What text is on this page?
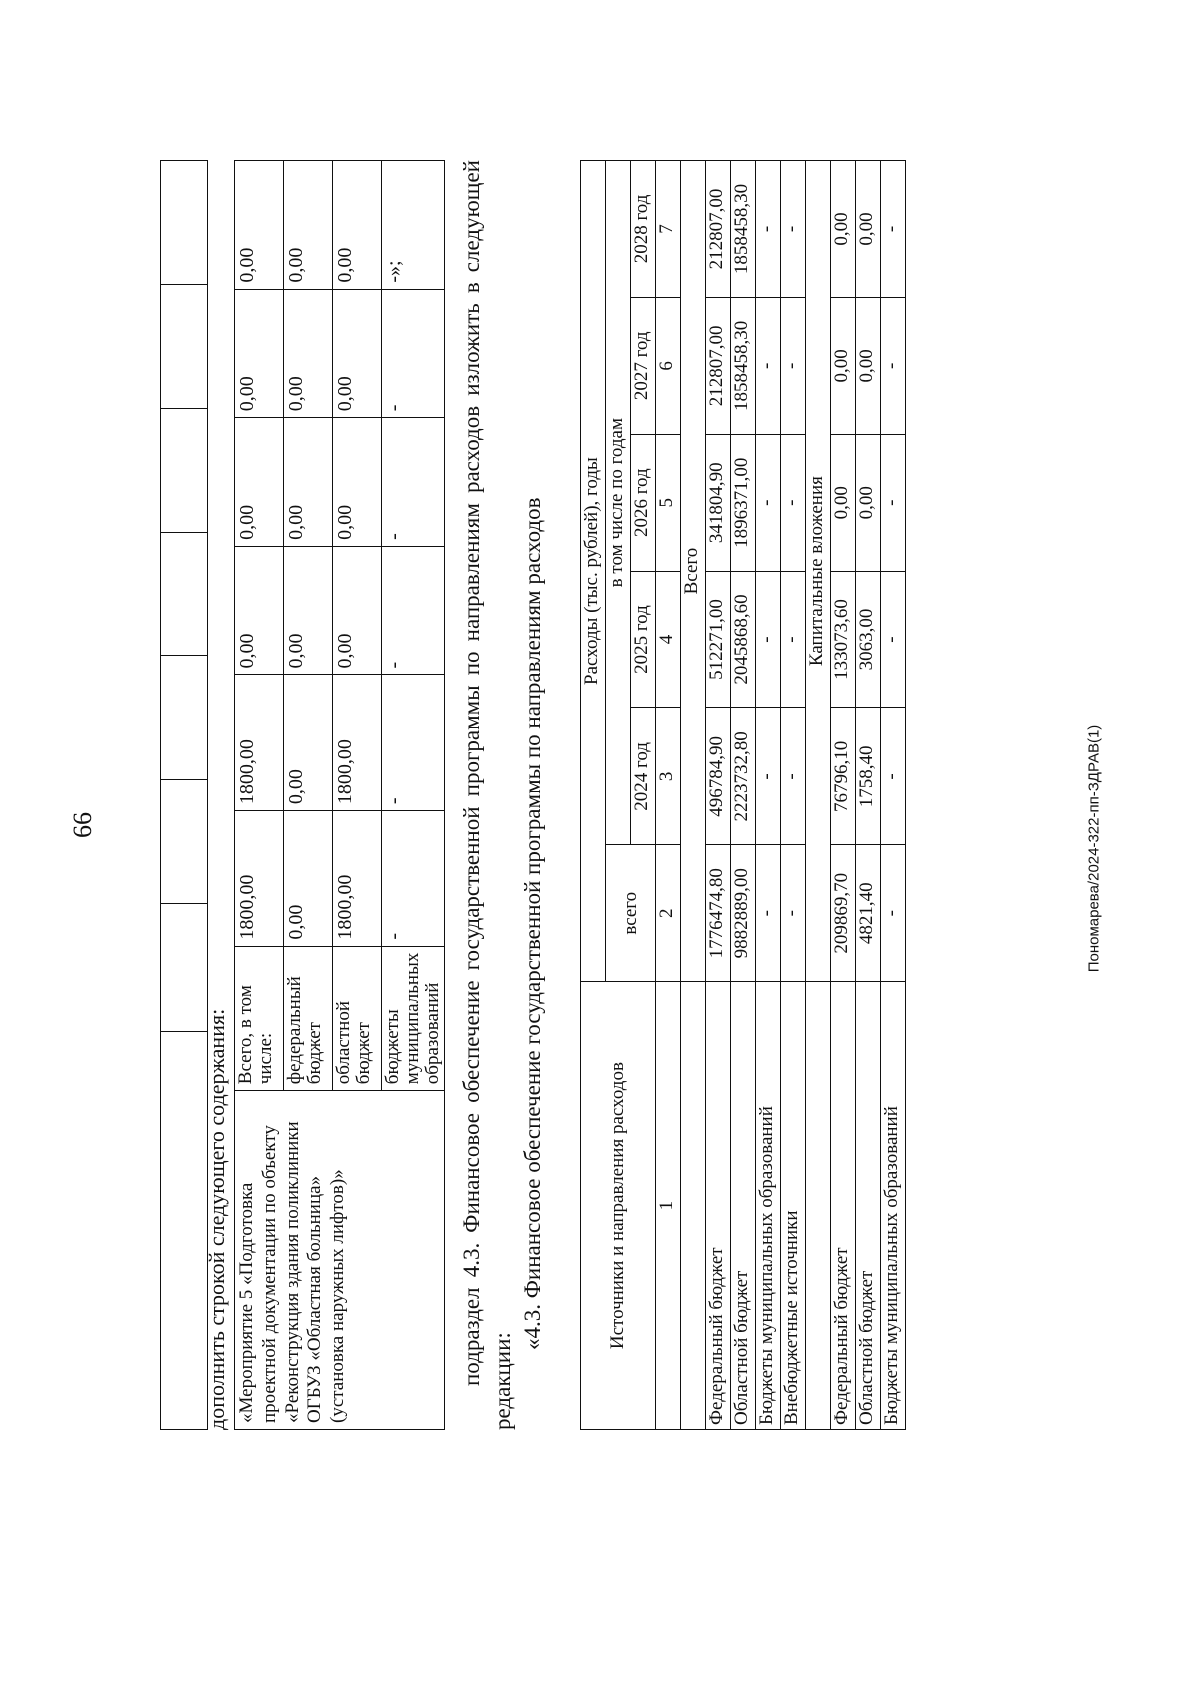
66	Пономарева/2024-322-пп-ЗДРАВ(1)

дополнить строкой следующего содержания: «Мероприятие 5 «Подготовка проектной документации по объекту «Реконструкция здания поликлиники ОГБУЗ «Областная больница» (установка наружных лифтов)»	Всего, в том числе:	1800,00	1800,00	0,00	0,00	0,00	0,00
	федеральный бюджет	0,00	0,00	0,00	0,00	0,00	0,00
	областной бюджет	1800,00	1800,00	0,00	0,00	0,00	0,00
	бюджеты муниципальных образований	-	-	-	-	-	-»; подраздел 4.3. Финансовое обеспечение государственной программы по направлениям расходов изложить в следующей редакции:
«4.3. Финансовое обеспечение государственной программы по направлениям расходов	Источники и направления расходов	Расходы (тыс. рублей), годы					
	всего	в том числе по годам				
		2024 год	2025 год	2026 год	2027 год	2028 год
1	2	3	4	5	6	7
	Всего					
Федеральный бюджет	1776474,80	496784,90	512271,00	341804,90	212807,00	212807,00
Областной бюджет	9882889,00	2223732,80	2045868,60	1896371,00	1858458,30	1858458,30
Бюджеты муниципальных образований	-	-	-	-	-	-
Внебюджетные источники	-	-	-	-	-	-
	Капитальные вложения					
Федеральный бюджет	209869,70	76796,10	133073,60	0,00	0,00	0,00
Областной бюджет	4821,40	1758,40	3063,00	0,00	0,00	0,00
Бюджеты муниципальных образований	-	-	-	-	-	-
